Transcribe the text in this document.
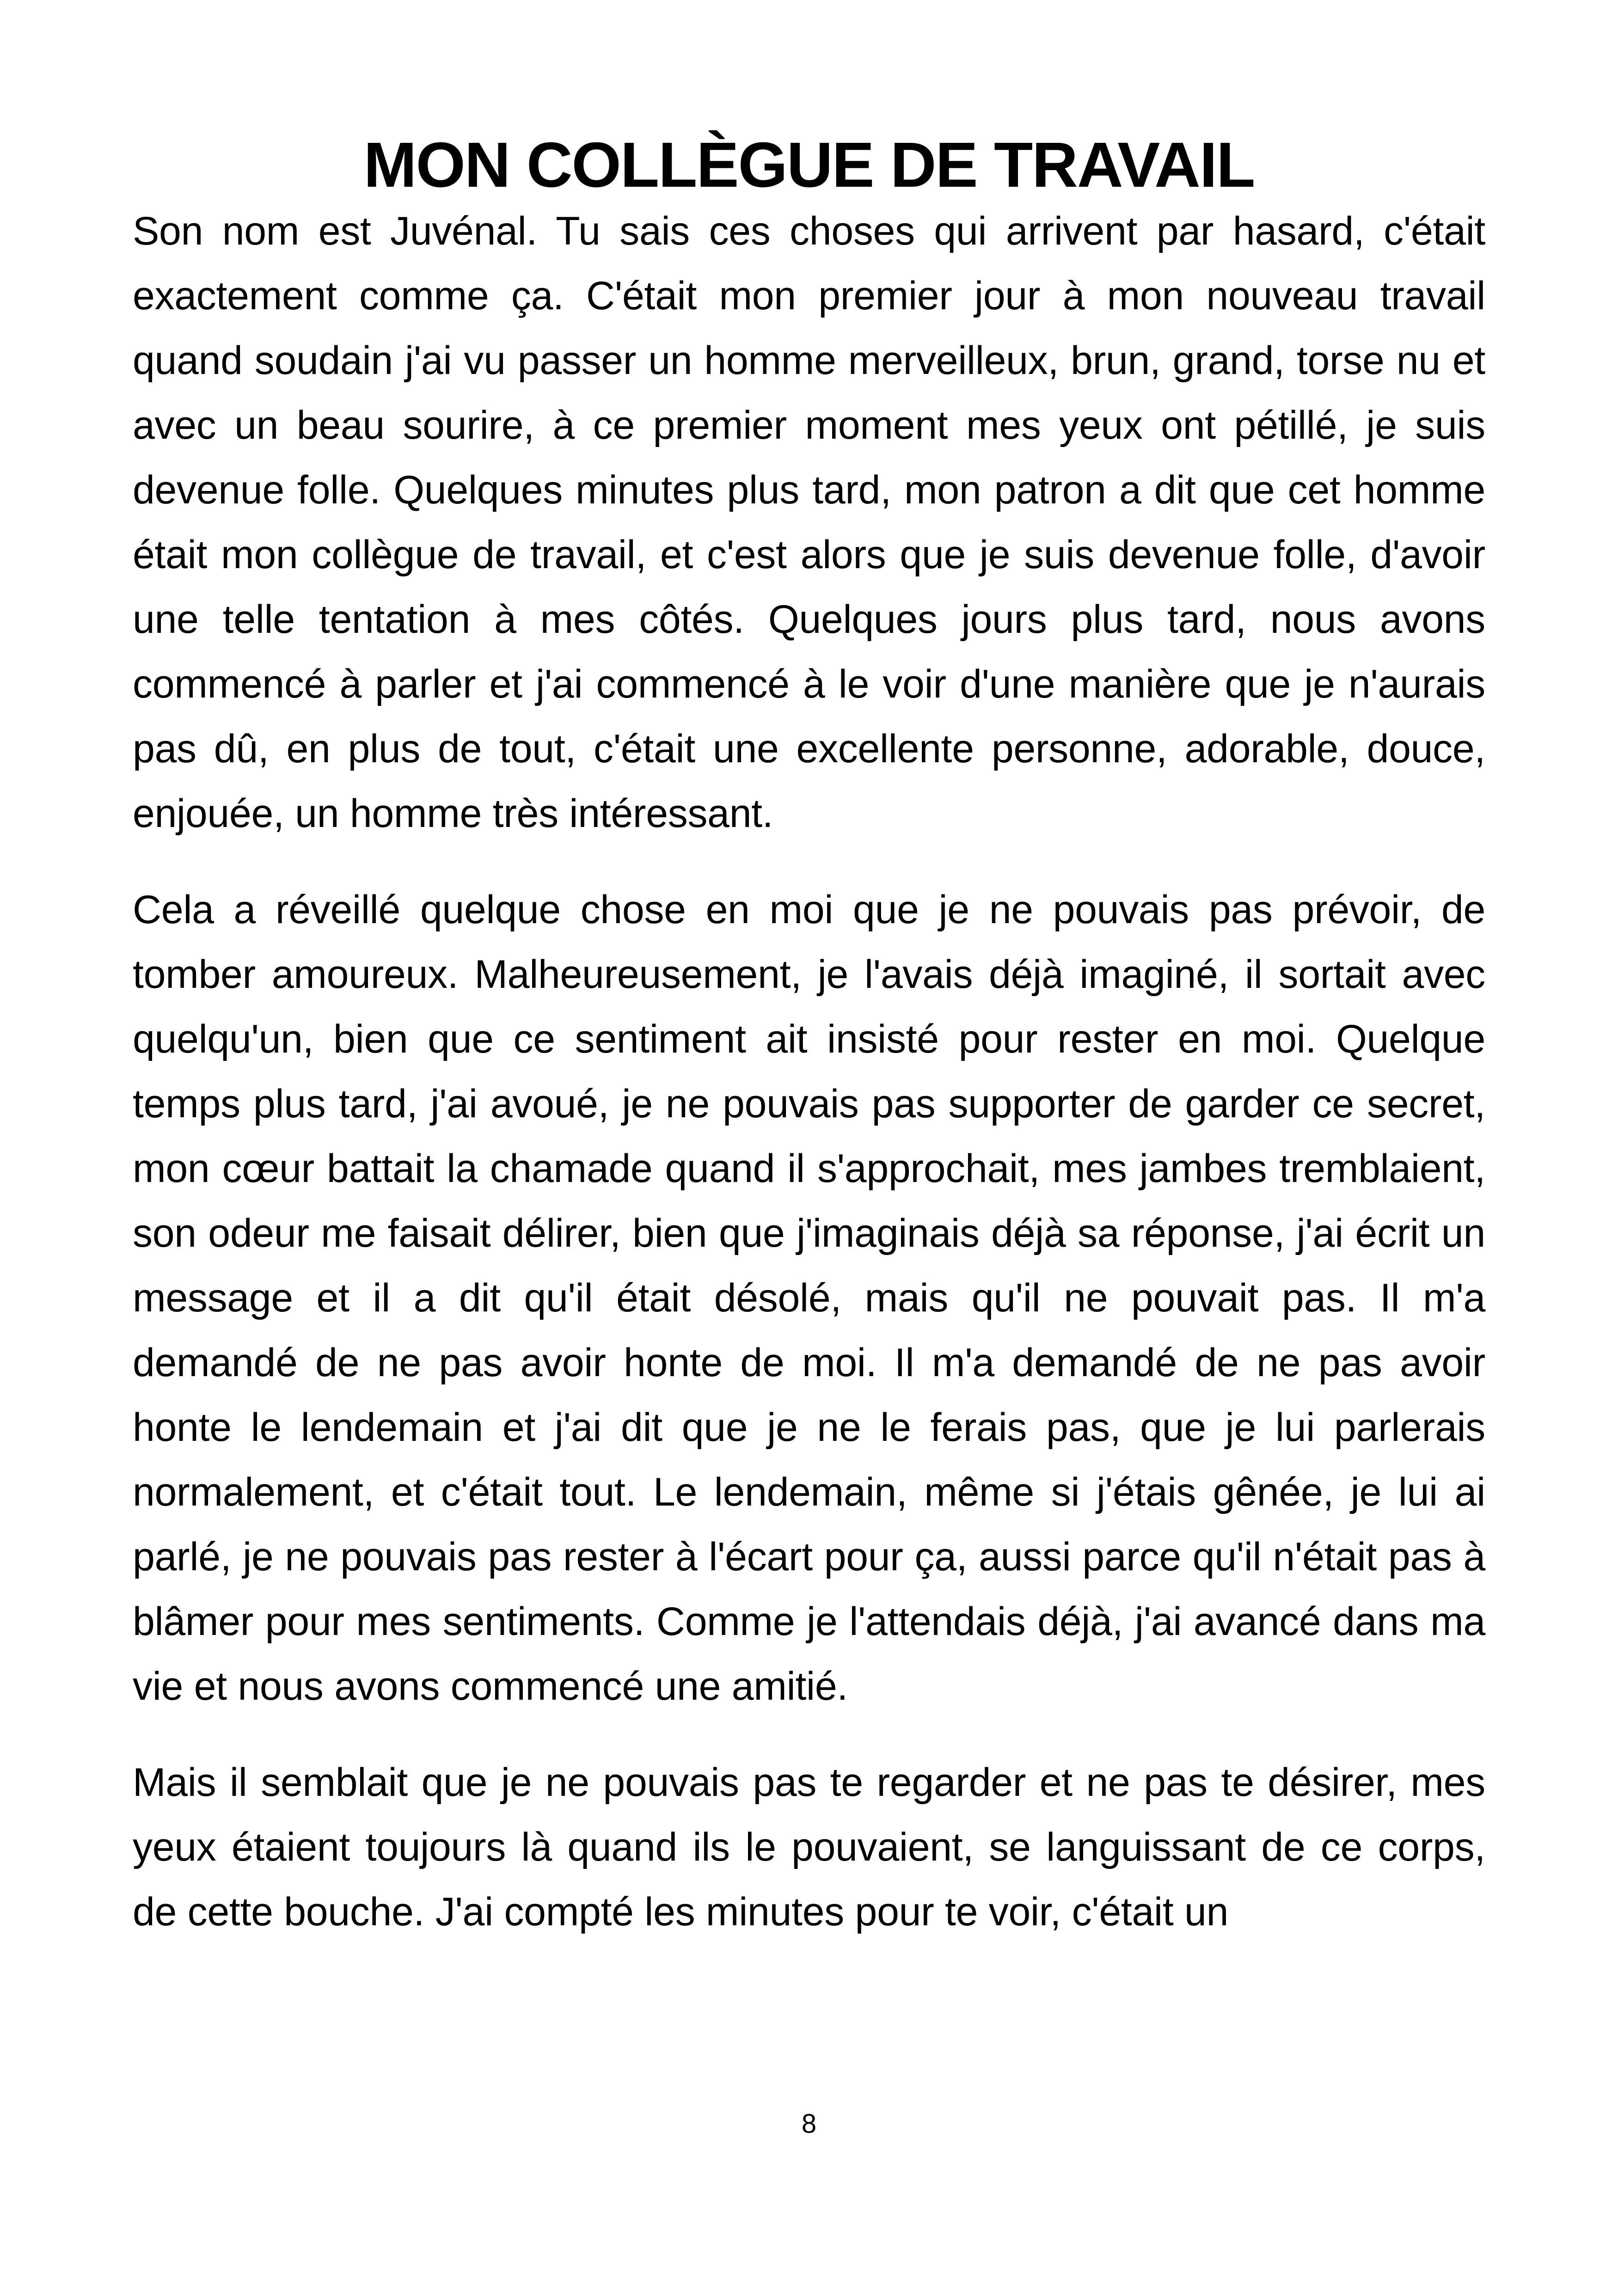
MON COLLÈGUE DE TRAVAIL

Son nom est Juvénal. Tu sais ces choses qui arrivent par hasard, c'était exactement comme ça. C'était mon premier jour à mon nouveau travail quand soudain j'ai vu passer un homme merveilleux, brun, grand, torse nu et avec un beau sourire, à ce premier moment mes yeux ont pétillé, je suis devenue folle. Quelques minutes plus tard, mon patron a dit que cet homme était mon collègue de travail, et c'est alors que je suis devenue folle, d'avoir une telle tentation à mes côtés. Quelques jours plus tard, nous avons commencé à parler et j'ai commencé à le voir d'une manière que je n'aurais pas dû, en plus de tout, c'était une excellente personne, adorable, douce, enjouée, un homme très intéressant.

Cela a réveillé quelque chose en moi que je ne pouvais pas prévoir, de tomber amoureux. Malheureusement, je l'avais déjà imaginé, il sortait avec quelqu'un, bien que ce sentiment ait insisté pour rester en moi. Quelque temps plus tard, j'ai avoué, je ne pouvais pas supporter de garder ce secret, mon cœur battait la chamade quand il s'approchait, mes jambes tremblaient, son odeur me faisait délirer, bien que j'imaginais déjà sa réponse, j'ai écrit un message et il a dit qu'il était désolé, mais qu'il ne pouvait pas. Il m'a demandé de ne pas avoir honte de moi. Il m'a demandé de ne pas avoir honte le lendemain et j'ai dit que je ne le ferais pas, que je lui parlerais normalement, et c'était tout. Le lendemain, même si j'étais gênée, je lui ai parlé, je ne pouvais pas rester à l'écart pour ça, aussi parce qu'il n'était pas à blâmer pour mes sentiments. Comme je l'attendais déjà, j'ai avancé dans ma vie et nous avons commencé une amitié.

Mais il semblait que je ne pouvais pas te regarder et ne pas te désirer, mes yeux étaient toujours là quand ils le pouvaient, se languissant de ce corps, de cette bouche. J'ai compté les minutes pour te voir, c'était un

8
